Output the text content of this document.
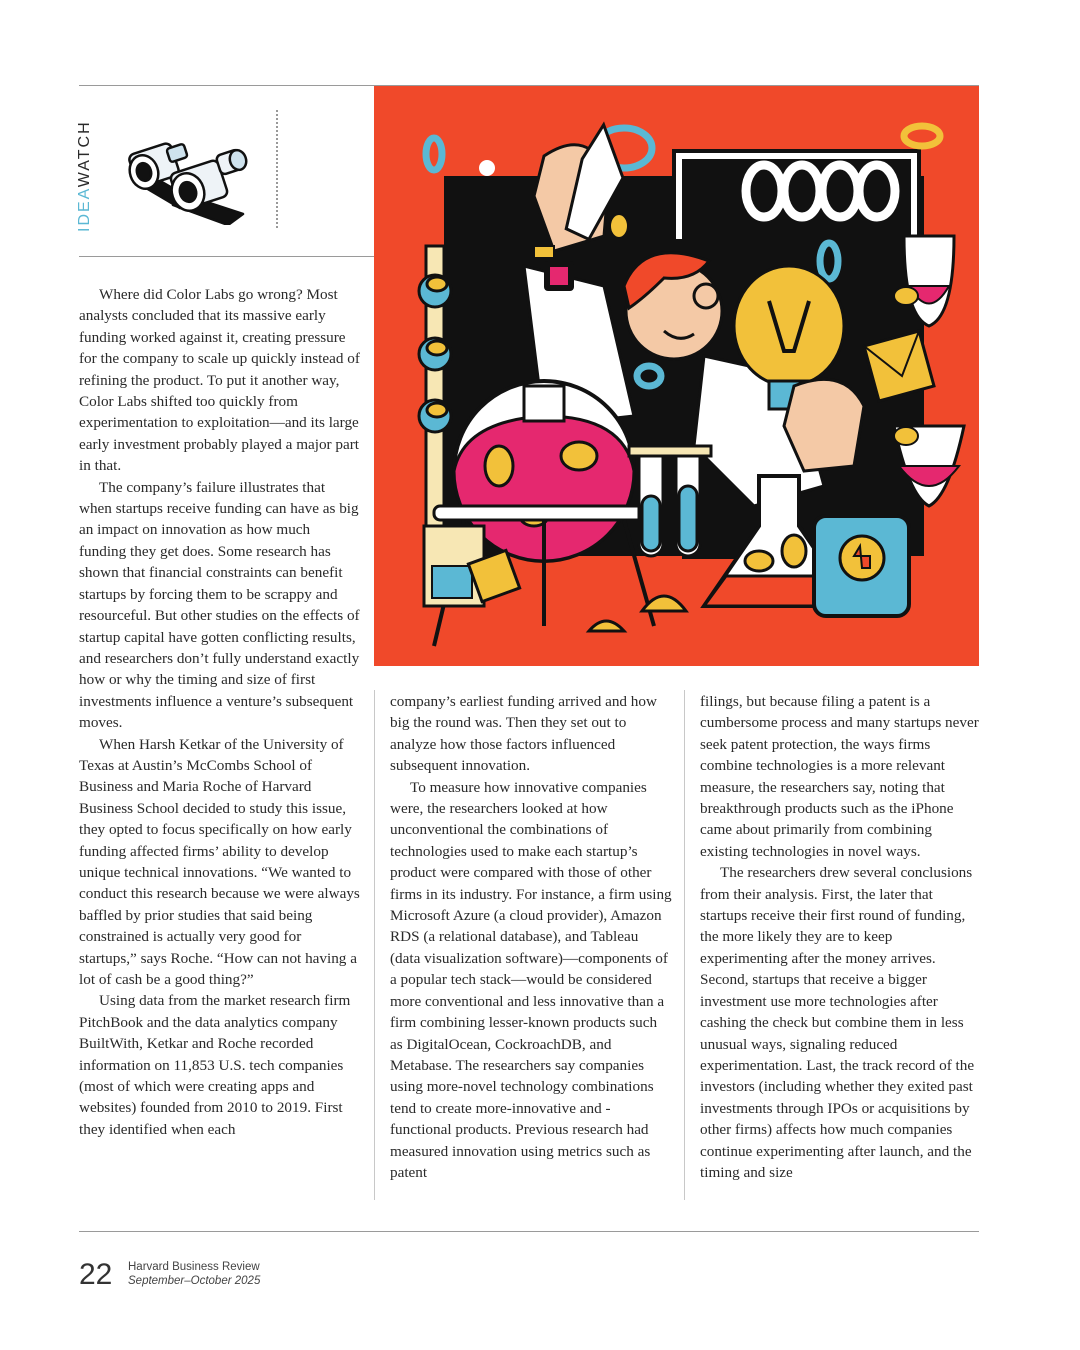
IDEAWATCH

Where did Color Labs go wrong? Most analysts concluded that its massive early funding worked against it, creating pressure for the company to scale up quickly instead of refining the product. To put it another way, Color Labs shifted too quickly from experimentation to exploitation—and its large early investment probably played a major part in that.

The company’s failure illustrates that when startups receive funding can have as big an impact on innovation as how much funding they get does. Some research has shown that financial constraints can benefit startups by forcing them to be scrappy and resourceful. But other studies on the effects of startup capital have gotten conflicting results, and researchers don’t fully understand exactly how or why the timing and size of first investments influence a venture’s subsequent moves.

When Harsh Ketkar of the University of Texas at Austin’s McCombs School of Business and Maria Roche of Harvard Business School decided to study this issue, they opted to focus specifically on how early funding affected firms’ ability to develop unique technical innovations. “We wanted to conduct this research because we were always baffled by prior studies that said being constrained is actually very good for startups,” says Roche. “How can not having a lot of cash be a good thing?”

Using data from the market research firm PitchBook and the data analytics company BuiltWith, Ketkar and Roche recorded information on 11,853 U.S. tech companies (most of which were creating apps and websites) founded from 2010 to 2019. First they identified when each

company’s earliest funding arrived and how big the round was. Then they set out to analyze how those factors influenced subsequent innovation.

To measure how innovative companies were, the researchers looked at how unconventional the combinations of technologies used to make each startup’s product were compared with those of other firms in its industry. For instance, a firm using Microsoft Azure (a cloud provider), Amazon RDS (a relational database), and Tableau (data visualization software)—components of a popular tech stack—would be considered more conventional and less innovative than a firm combining lesser-known products such as DigitalOcean, CockroachDB, and Metabase. The researchers say companies using more-novel technology combinations tend to create more-innovative and -functional products. Previous research had measured innovation using metrics such as patent

filings, but because filing a patent is a cumbersome process and many startups never seek patent protection, the ways firms combine technologies is a more relevant measure, the researchers say, noting that breakthrough products such as the iPhone came about primarily from combining existing technologies in novel ways.

The researchers drew several conclusions from their analysis. First, the later that startups receive their first round of funding, the more likely they are to keep experimenting after the money arrives. Second, startups that receive a bigger investment use more technologies after cashing the check but combine them in less unusual ways, signaling reduced experimentation. Last, the track record of the investors (including whether they exited past investments through IPOs or acquisitions by other firms) affects how much companies continue experimenting after launch, and the timing and size

22 Harvard Business Review
September–October 2025
